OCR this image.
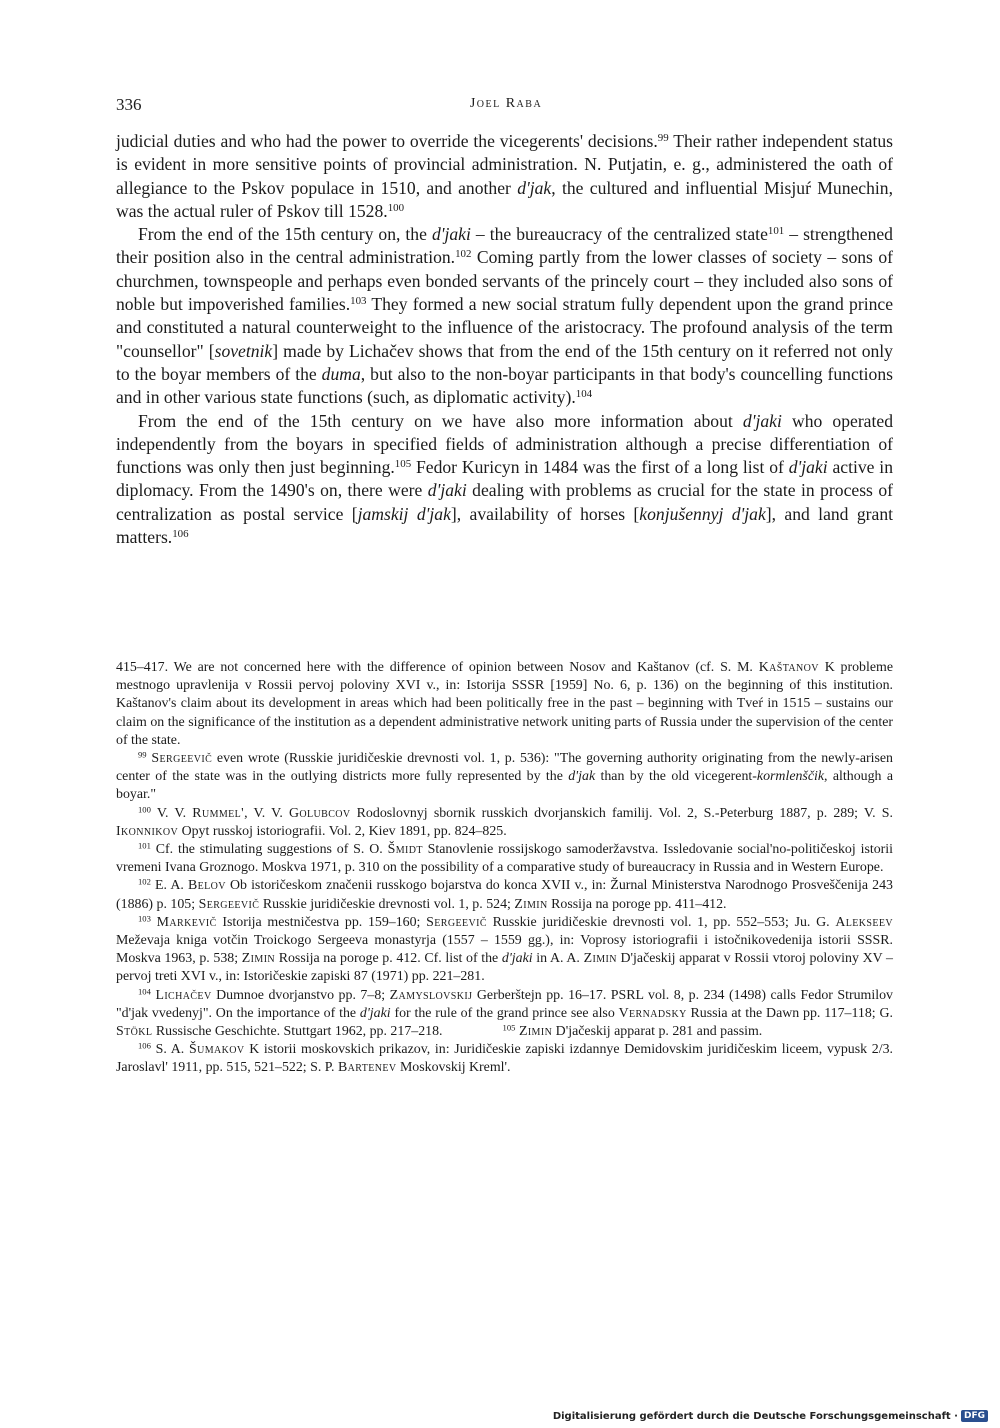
336	Joel Raba

judicial duties and who had the power to override the vicegerents' decisions.$^{99}$ Their rather independent status is evident in more sensitive points of provincial administration. N. Putjatin, e. g., administered the oath of allegiance to the Pskov populace in 1510, and another d'jak, the cultured and influential Misjuŕ Munechin, was the actual ruler of Pskov till 1528.$^{100}$

From the end of the 15th century on, the d'jaki – the bureaucracy of the centralized state$^{101}$ – strengthened their position also in the central administration.$^{102}$ Coming partly from the lower classes of society – sons of churchmen, townspeople and perhaps even bonded servants of the princely court – they included also sons of noble but impoverished families.$^{103}$ They formed a new social stratum fully dependent upon the grand prince and constituted a natural counterweight to the influence of the aristocracy. The profound analysis of the term "counsellor" [sovetnik] made by Lichačev shows that from the end of the 15th century on it referred not only to the boyar members of the duma, but also to the non-boyar participants in that body's councelling functions and in other various state functions (such, as diplomatic activity).$^{104}$

From the end of the 15th century on we have also more information about d'jaki who operated independently from the boyars in specified fields of administration although a precise differentiation of functions was only then just beginning.$^{105}$ Fedor Kuricyn in 1484 was the first of a long list of d'jaki active in diplomacy. From the 1490's on, there were d'jaki dealing with problems as crucial for the state in process of centralization as postal service [jamskij d'jak], availability of horses [konjušennyj d'jak], and land grant matters.$^{106}$

415–417. We are not concerned here with the difference of opinion between Nosov and Kaštanov (cf. S. M. Kaštanov K probleme mestnogo upravlenija v Rossii pervoj poloviny XVI v., in: Istorija SSSR [1959] No. 6, p. 136) on the beginning of this institution. Kaštanov's claim about its development in areas which had been politically free in the past – beginning with Tveŕ in 1515 – sustains our claim on the significance of the institution as a dependent administrative network uniting parts of Russia under the supervision of the center of the state.

$^{99}$ Sergeevič even wrote (Russkie juridičeskie drevnosti vol. 1, p. 536): "The governing authority originating from the newly-arisen center of the state was in the outlying districts more fully represented by the d'jak than by the old vicegerent-kormlenščik, although a boyar."

$^{100}$ V. V. Rummel', V. V. Golubcov Rodoslovnyj sbornik russkich dvorjanskich familij. Vol. 2, S.-Peterburg 1887, p. 289; V. S. Ikonnikov Opyt russkoj istoriografii. Vol. 2, Kiev 1891, pp. 824–825.

$^{101}$ Cf. the stimulating suggestions of S. O. Šmidt Stanovlenie rossijskogo samoderžavstva. Issledovanie social'no-političeskoj istorii vremeni Ivana Groznogo. Moskva 1971, p. 310 on the possibility of a comparative study of bureaucracy in Russia and in Western Europe.

$^{102}$ E. A. Belov Ob istoričeskom značenii russkogo bojarstva do konca XVII v., in: Žurnal Ministerstva Narodnogo Prosveščenija 243 (1886) p. 105; Sergeevič Russkie juridičeskie drevnosti vol. 1, p. 524; Zimin Rossija na poroge pp. 411–412.

$^{103}$ Markevič Istorija mestničestva pp. 159–160; Sergeevič Russkie juridičeskie drevnosti vol. 1, pp. 552–553; Ju. G. Alekseev Meževaja kniga votčin Troickogo Sergeeva monastyrja (1557 – 1559 gg.), in: Voprosy istoriografii i istočnikovedenija istorii SSSR. Moskva 1963, p. 538; Zimin Rossija na poroge p. 412. Cf. list of the d'jaki in A. A. Zimin D'jačeskij apparat v Rossii vtoroj poloviny XV – pervoj treti XVI v., in: Istoričeskie zapiski 87 (1971) pp. 221–281.

$^{104}$ Lichačev Dumnoe dvorjanstvo pp. 7–8; Zamyslovskij Gerberštejn pp. 16–17. PSRL vol. 8, p. 234 (1498) calls Fedor Strumilov "d'jak vvedenyj". On the importance of the d'jaki for the rule of the grand prince see also Vernadsky Russia at the Dawn pp. 117–118; G. Stökl Russische Geschichte. Stuttgart 1962, pp. 217–218.	$^{105}$ Zimin D'jačeskij apparat p. 281 and passim.

$^{106}$ S. A. Šumakov K istorii moskovskich prikazov, in: Juridičeskie zapiski izdannye Demidovskim juridičeskim liceem, vypusk 2/3. Jaroslavl' 1911, pp. 515, 521–522; S. P. Bartenev Moskovskij Kreml'.

Digitalisierung gefördert durch die Deutsche Forschungsgemeinschaft · DFG
